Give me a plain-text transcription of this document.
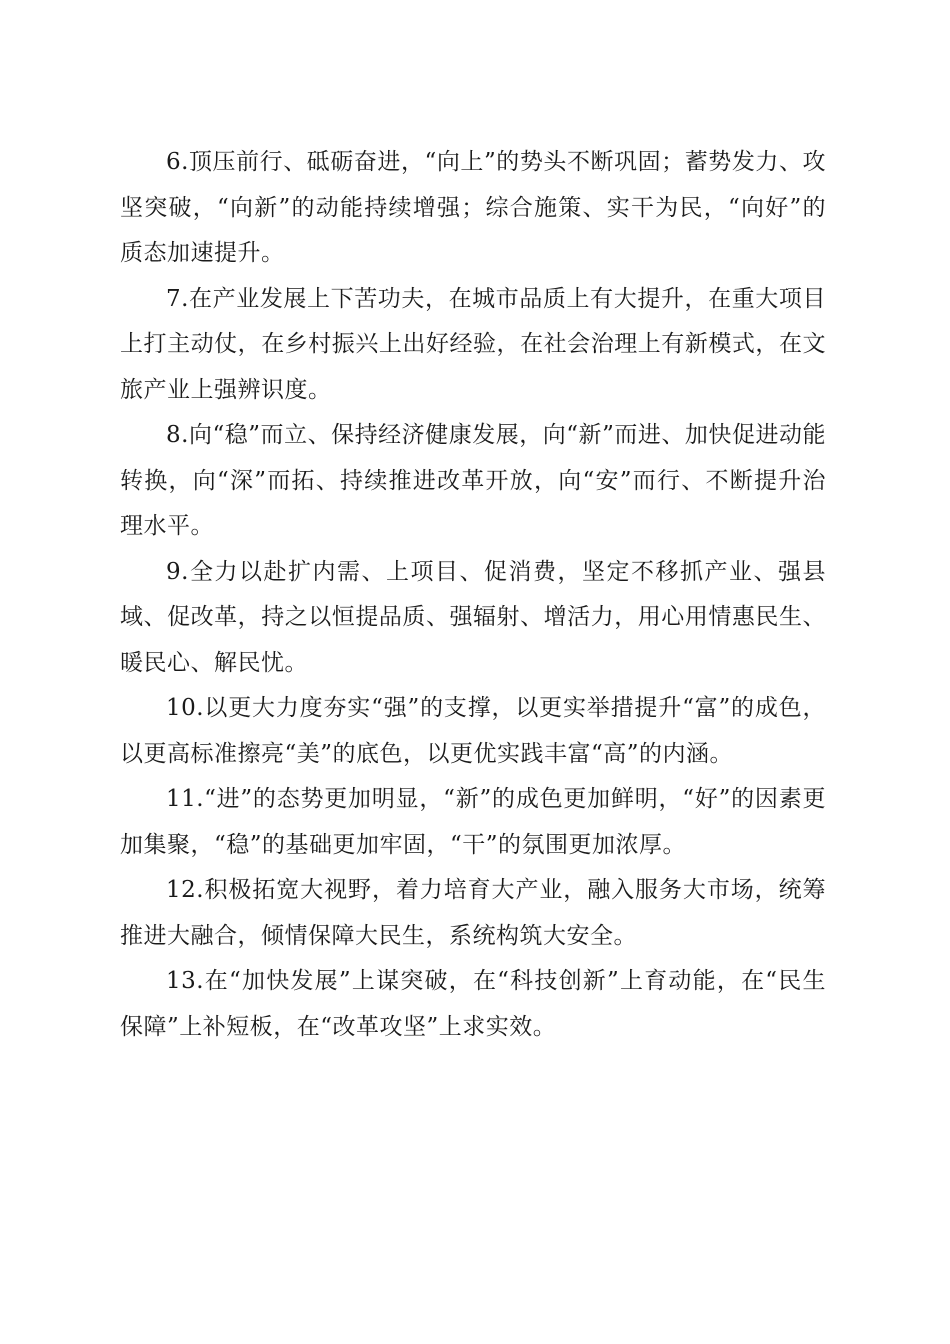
6.顶压前行、砥砺奋进，“向上”的势头不断巩固；蓄势发力、攻坚突破，“向新”的动能持续增强；综合施策、实干为民，“向好”的质态加速提升。

7.在产业发展上下苦功夫，在城市品质上有大提升，在重大项目上打主动仗，在乡村振兴上出好经验，在社会治理上有新模式，在文旅产业上强辨识度。

8.向“稳”而立、保持经济健康发展，向“新”而进、加快促进动能转换，向“深”而拓、持续推进改革开放，向“安”而行、不断提升治理水平。

9.全力以赴扩内需、上项目、促消费，坚定不移抓产业、强县域、促改革，持之以恒提品质、强辐射、增活力，用心用情惠民生、暖民心、解民忧。

10.以更大力度夯实“强”的支撑，以更实举措提升“富”的成色，以更高标准擦亮“美”的底色，以更优实践丰富“高”的内涵。

11.“进”的态势更加明显，“新”的成色更加鲜明，“好”的因素更加集聚，“稳”的基础更加牢固，“干”的氛围更加浓厚。

12.积极拓宽大视野，着力培育大产业，融入服务大市场，统筹推进大融合，倾情保障大民生，系统构筑大安全。

13.在“加快发展”上谋突破，在“科技创新”上育动能，在“民生保障”上补短板，在“改革攻坚”上求实效。
